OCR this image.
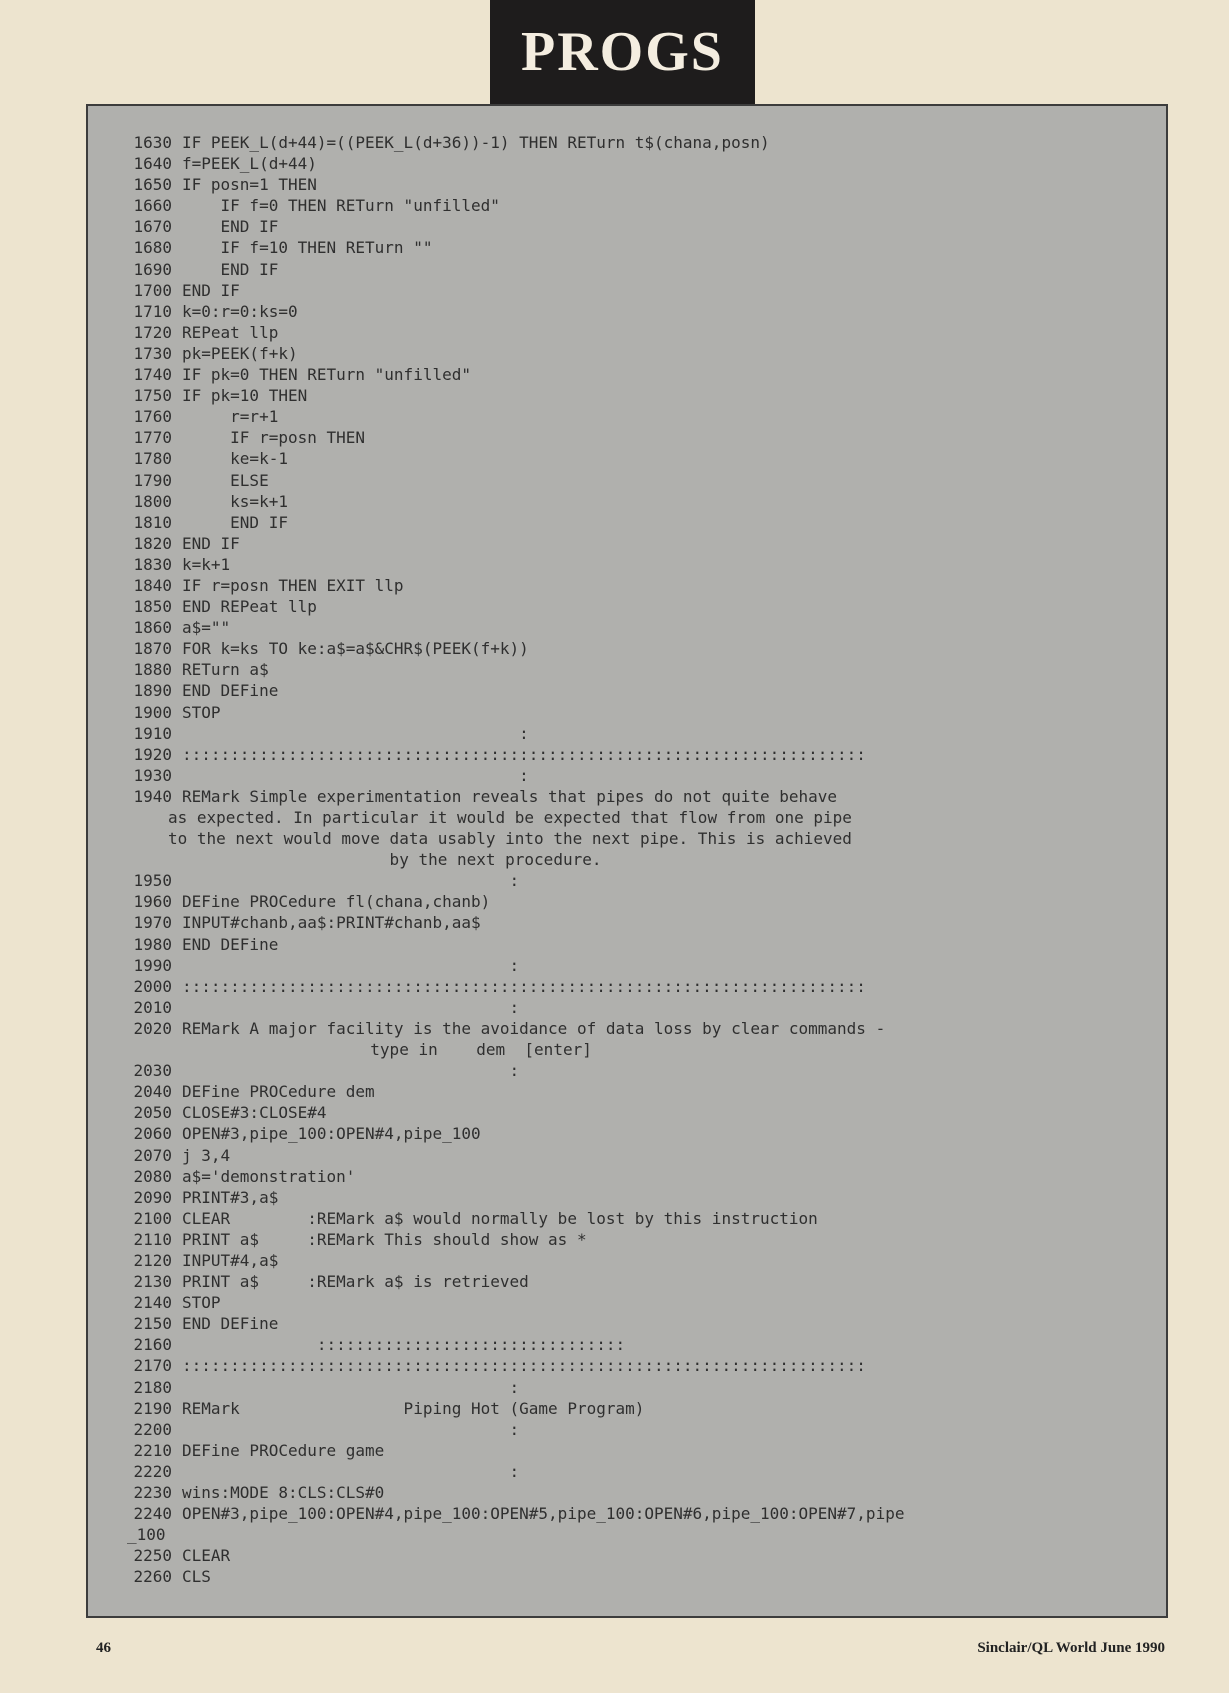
PROGS
1630 IF PEEK_L(d+44)=((PEEK_L(d+36))-1) THEN RETurn t$(chana,posn)
1640 f=PEEK_L(d+44)
1650 IF posn=1 THEN
1660 IF f=0 THEN RETurn "unfilled"
1670 END IF
1680 IF f=10 THEN RETurn ""
1690 END IF
1700 END IF
1710 k=0:r=0:ks=0
1720 REPeat llp
1730 pk=PEEK(f+k)
1740 IF pk=0 THEN RETurn "unfilled"
1750 IF pk=10 THEN
1760 r=r+1
1770 IF r=posn THEN
1780 ke=k-1
1790 ELSE
1800 ks=k+1
1810 END IF
1820 END IF
1830 k=k+1
1840 IF r=posn THEN EXIT llp
1850 END REPeat llp
1860 a$=""
1870 FOR k=ks TO ke:a$=a$&CHR$(PEEK(f+k))
1880 RETurn a$
1890 END DEFine
1900 STOP
1910 :
1920 :::::::::::::::::::::::::::::::::::::::::::::::::::::::::::::::::::::::
1930 :
1940 REMark Simple experimentation reveals that pipes do not quite behave
as expected. In particular it would be expected that flow from one pipe
to the next would move data usably into the next pipe. This is achieved
by the next procedure.
1950 :
1960 DEFine PROCedure fl(chana,chanb)
1970 INPUT#chanb,aa$:PRINT#chanb,aa$
1980 END DEFine
1990 :
2000 :::::::::::::::::::::::::::::::::::::::::::::::::::::::::::::::::::::::
2010 :
2020 REMark A major facility is the avoidance of data loss by clear commands -
type in    dem  [enter]
2030 :
2040 DEFine PROCedure dem
2050 CLOSE#3:CLOSE#4
2060 OPEN#3,pipe_100:OPEN#4,pipe_100
2070 j 3,4
2080 a$='demonstration'
2090 PRINT#3,a$
2100 CLEAR        :REMark a$ would normally be lost by this instruction
2110 PRINT a$     :REMark This should show as *
2120 INPUT#4,a$
2130 PRINT a$     :REMark a$ is retrieved
2140 STOP
2150 END DEFine
2160 ::::::::::::::::::::::::::::::::
2170 :::::::::::::::::::::::::::::::::::::::::::::::::::::::::::::::::::::::
2180 :
2190 REMark                 Piping Hot (Game Program)
2200 :
2210 DEFine PROCedure game
2220 :
2230 wins:MODE 8:CLS:CLS#0
2240 OPEN#3,pipe_100:OPEN#4,pipe_100:OPEN#5,pipe_100:OPEN#6,pipe_100:OPEN#7,pipe
_100
2250 CLEAR
2260 CLS
46	Sinclair/QL World June 1990
